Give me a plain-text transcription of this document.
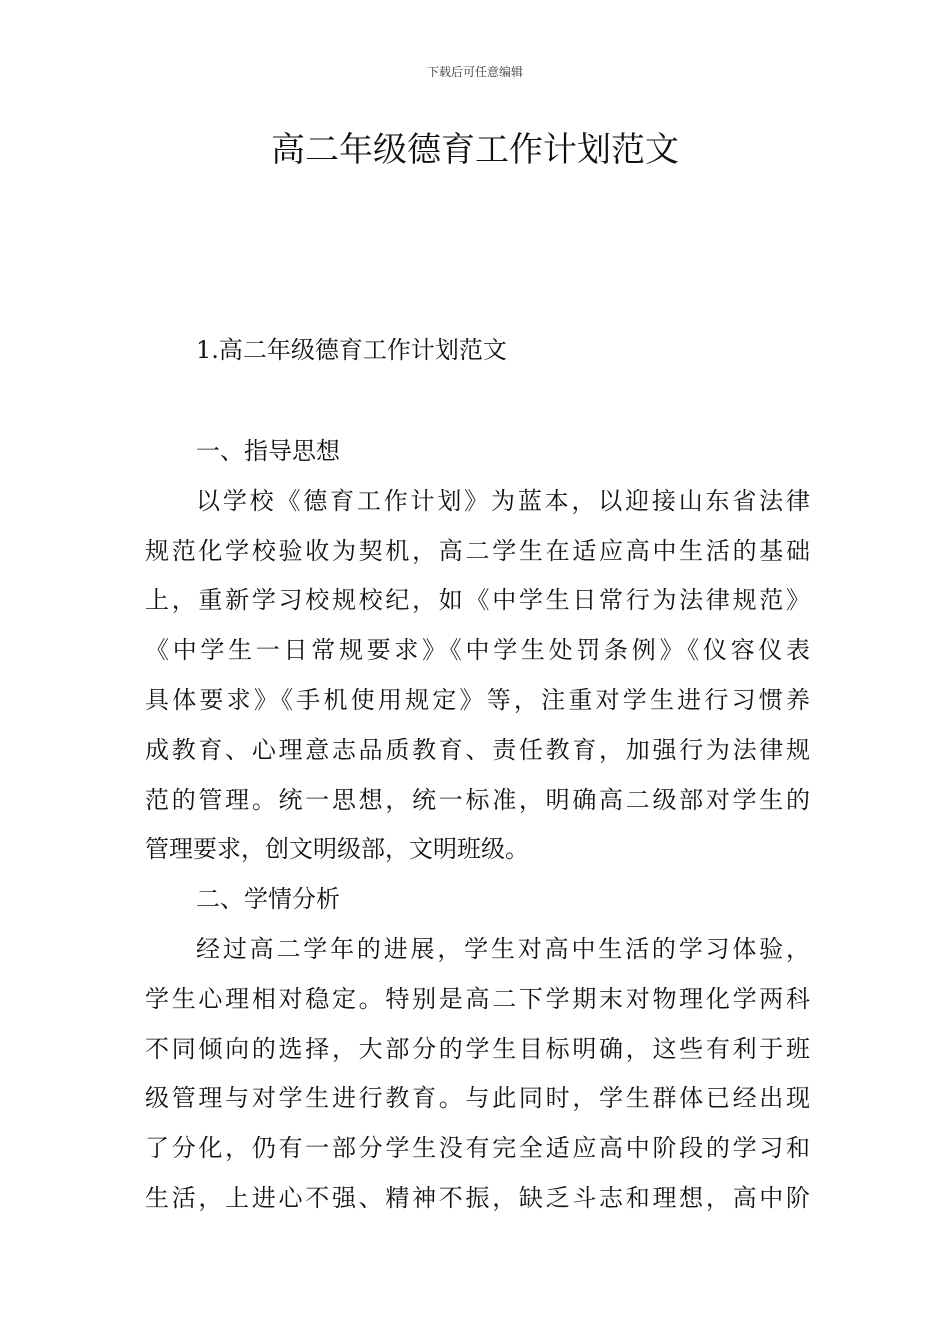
下载后可任意编辑
高二年级德育工作计划范文
1.高二年级德育工作计划范文
一、指导思想
以学校《德育工作计划》为蓝本，以迎接山东省法律
规范化学校验收为契机，高二学生在适应高中生活的基础
上，重新学习校规校纪，如《中学生日常行为法律规范》
《中学生一日常规要求》《中学生处罚条例》《仪容仪表
具体要求》《手机使用规定》等，注重对学生进行习惯养
成教育、心理意志品质教育、责任教育，加强行为法律规
范的管理。统一思想，统一标准，明确高二级部对学生的
管理要求，创文明级部，文明班级。
二、学情分析
经过高二学年的进展，学生对高中生活的学习体验，
学生心理相对稳定。特别是高二下学期末对物理化学两科
不同倾向的选择，大部分的学生目标明确，这些有利于班
级管理与对学生进行教育。与此同时，学生群体已经出现
了分化，仍有一部分学生没有完全适应高中阶段的学习和
生活，上进心不强、精神不振，缺乏斗志和理想，高中阶
